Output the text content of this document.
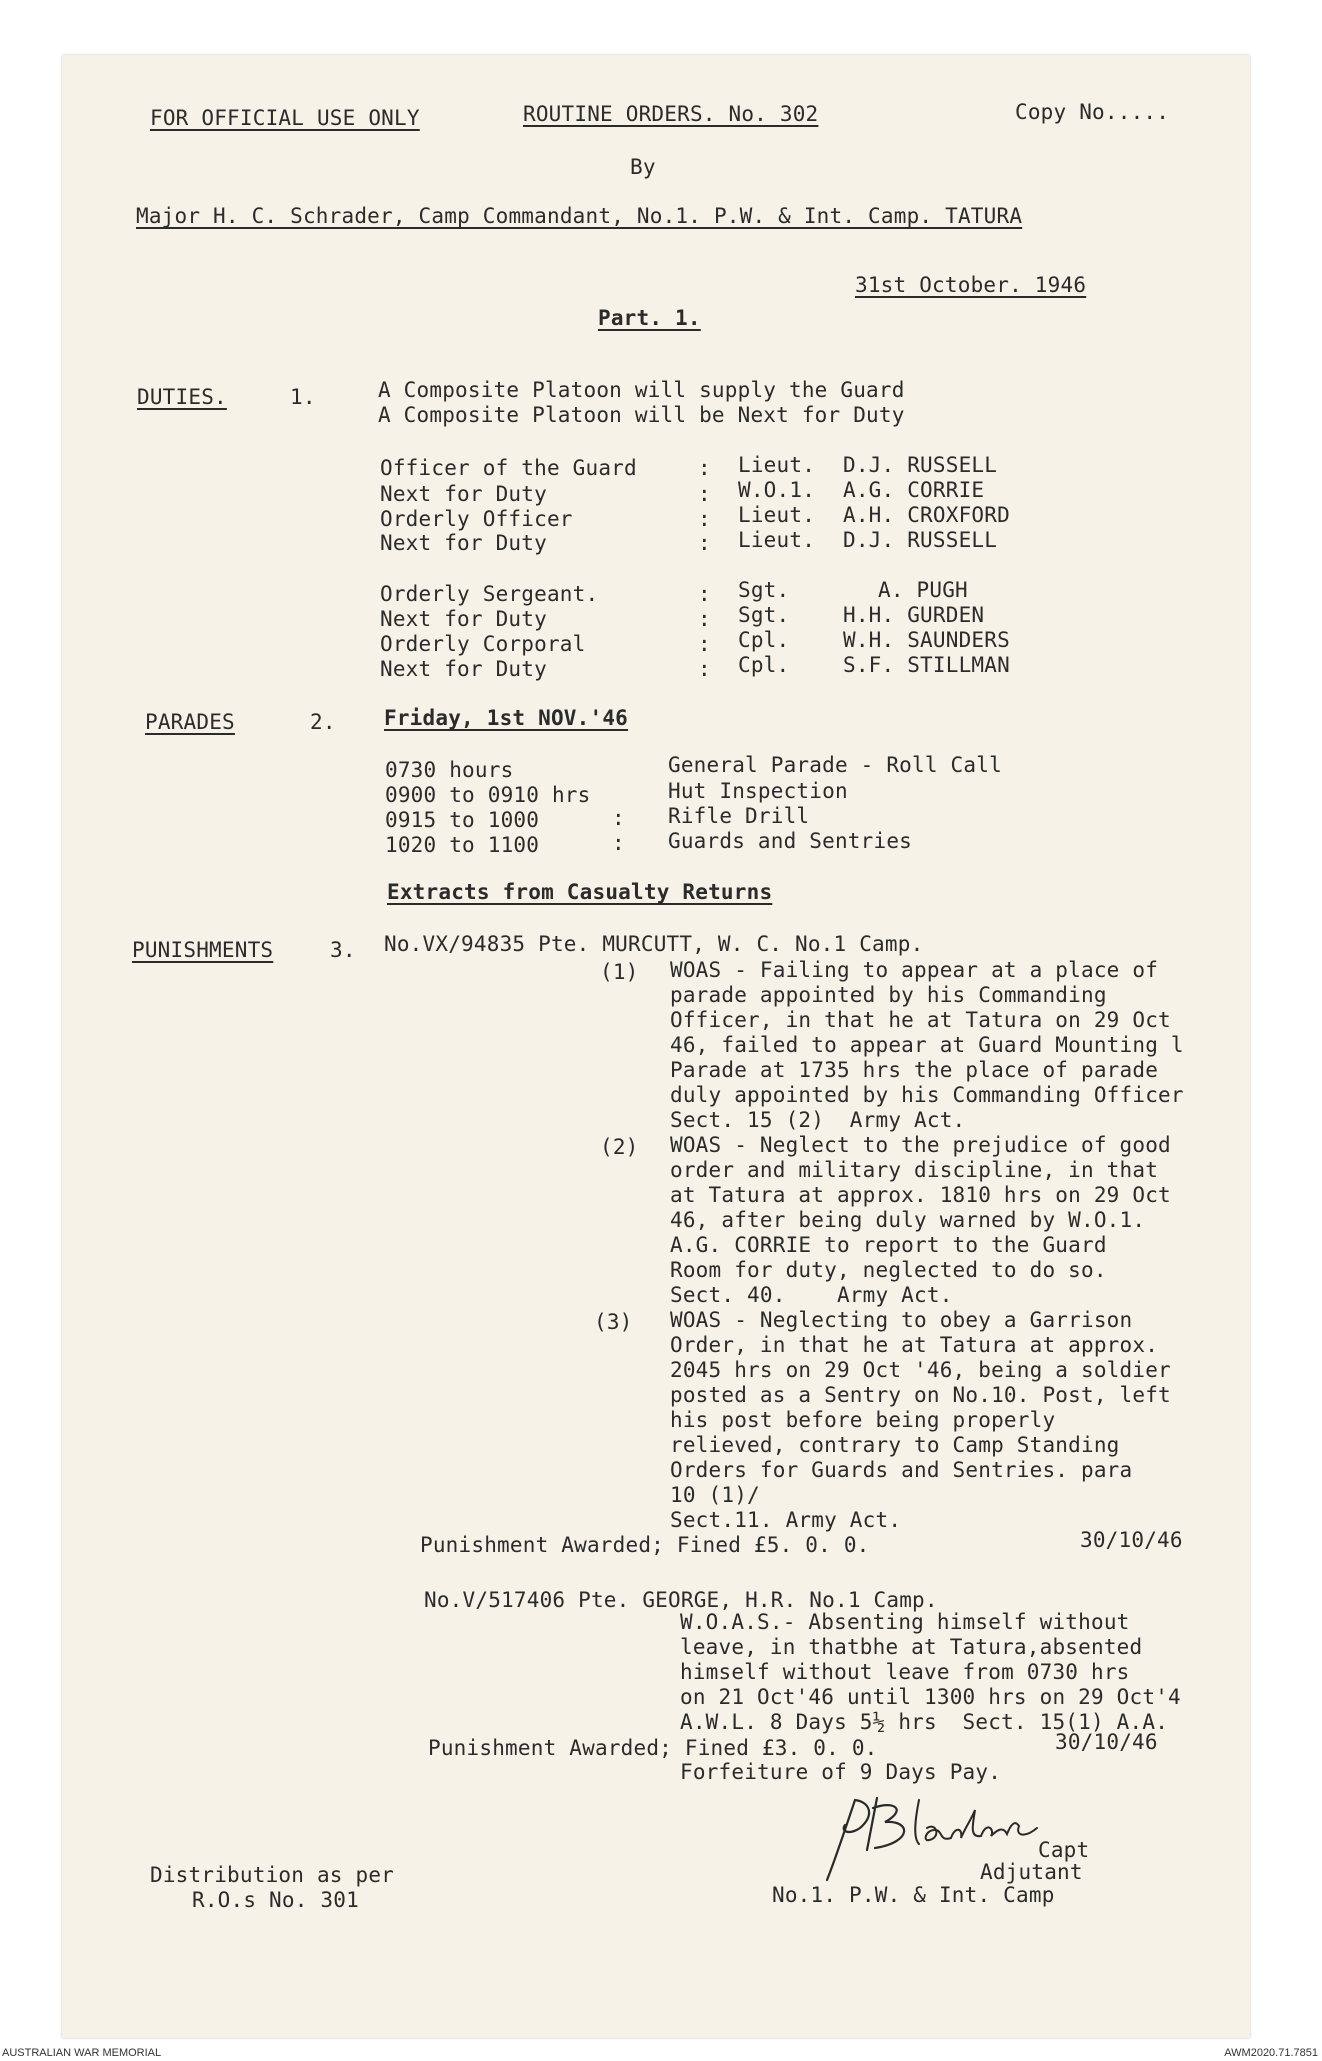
FOR OFFICIAL USE ONLY	ROUTINE ORDERS. No. 302	Copy No.....
By
Major H. C. Schrader, Camp Commandant, No.1. P.W. & Int. Camp. TATURA
31st October. 1946
Part. 1.
DUTIES.	1.	A Composite Platoon will supply the Guard
A Composite Platoon will be Next for Duty
Officer of the Guard	: Lieut. D.J. RUSSELL
Next for Duty	: W.O.1. A.G. CORRIE
Orderly Officer	: Lieut. A.H. CROXFORD
Next for Duty	: Lieut. D.J. RUSSELL
Orderly Sergeant.	: Sgt.	A. PUGH
Next for Duty	: Sgt.	H.H. GURDEN
Orderly Corporal	: Cpl.	W.H. SAUNDERS
Next for Duty	: Cpl.	S.F. STILLMAN
PARADES	2. Friday, 1st NOV.'46
0730 hours	General Parade - Roll Call
0900 to 0910 hrs	Hut Inspection
0915 to 1000	: Rifle Drill
1020 to 1100	: Guards and Sentries
Extracts from Casualty Returns
PUNISHMENTS	3. No.VX/94835 Pte. MURCUTT, W. C. No.1 Camp.
(1) WOAS - Failing to appear at a place of
parade appointed by his Commanding
Officer, in that he at Tatura on 29 Oct
46, failed to appear at Guard Mounting l
Parade at 1735 hrs the place of parade
duly appointed by his Commanding Officer
Sect. 15 (2)  Army Act.
(2) WOAS - Neglect to the prejudice of good
order and military discipline, in that
at Tatura at approx. 1810 hrs on 29 Oct
46, after being duly warned by W.O.1.
A.G. CORRIE to report to the Guard
Room for duty, neglected to do so.
Sect. 40.    Army Act.
(3) WOAS - Neglecting to obey a Garrison
Order, in that he at Tatura at approx.
2045 hrs on 29 Oct '46, being a soldier
posted as a Sentry on No.10. Post, left
his post before being properly
relieved, contrary to Camp Standing
Orders for Guards and Sentries. para
10 (1)/
Sect.11. Army Act.
Punishment Awarded; Fined £5. 0. 0.	30/10/46
No.V/517406 Pte. GEORGE, H.R. No.1 Camp.
W.O.A.S.- Absenting himself without
leave, in thatbhe at Tatura,absented
himself without leave from 0730 hrs
on 21 Oct'46 until 1300 hrs on 29 Oct'4
A.W.L. 8 Days 5½ hrs  Sect. 15(1) A.A.
Punishment Awarded; Fined £3. 0. 0.	30/10/46
Forfeiture of 9 Days Pay.
Capt
Adjutant
No.1. P.W. & Int. Camp
Distribution as per
R.O.s No. 301
AUSTRALIAN WAR MEMORIAL	AWM2020.71.7851
